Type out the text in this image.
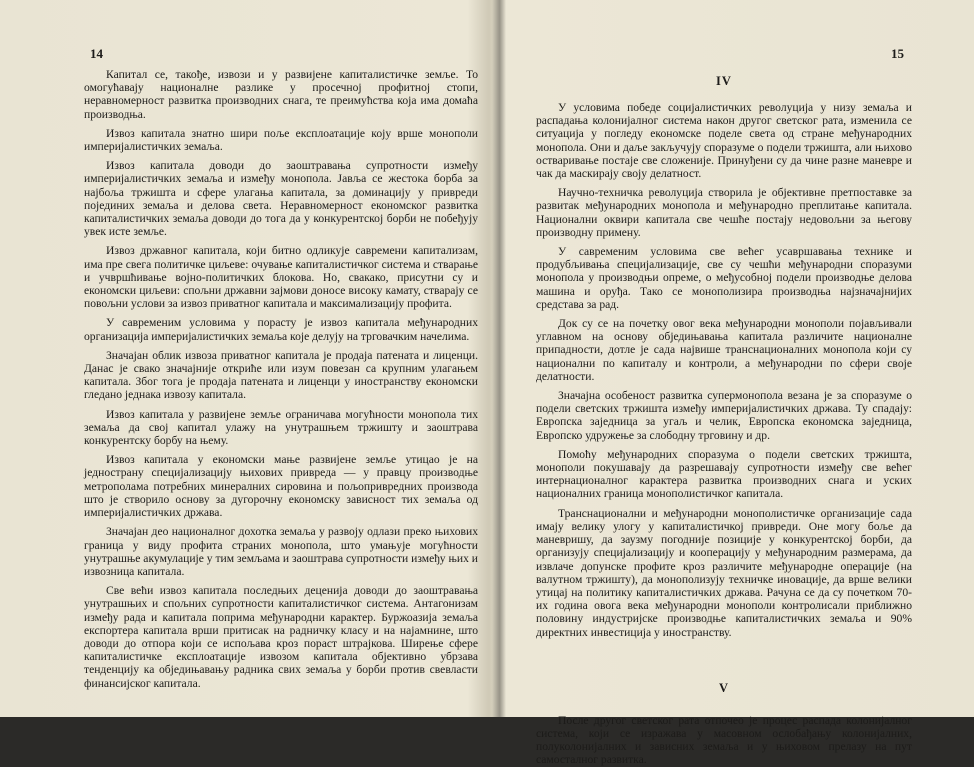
14

Капитал се, такође, извози и у развијене капиталистичке земље. То омогућавају националне разлике у просечној профитној стопи, неравномерност развитка производних снага, те преимућства која има домаћа производња.

Извоз капитала знатно шири поље експлоатације коју врше монополи империјалистичких земаља.

Извоз капитала доводи до заоштравања супротности између империјалистичких земаља и између монопола. Јавља се жестока борба за најбоља тржишта и сфере улагања капитала, за доминацију у привреди појединих земаља и делова света. Неравномерност економског развитка капиталистичких земаља доводи до тога да у конкурентској борби не побеђују увек исте земље.

Извоз државног капитала, који битно одликује савремени капитализам, има пре свега политичке циљеве: очување капиталистичког система и стварање и учвршћивање војно-политичких блокова. Но, свакако, присутни су и економски циљеви: спољни државни зајмови доносе високу камату, стварају се повољни услови за извоз приватног капитала и максимализацију профита.

У савременим условима у порасту је извоз капитала међународних организација империјалистичких земаља које делују на трговачким начелима.

Значајан облик извоза приватног капитала је продаја патената и лиценци. Данас је свако значајније откриће или изум повезан са крупним улагањем капитала. Због тога је продаја патената и лиценци у иностранству економски гледано једнака извозу капитала.

Извоз капитала у развијене земље ограничава могућности монопола тих земаља да свој капитал улажу на унутрашњем тржишту и заоштрава конкурентску борбу на њему.

Извоз капитала у економски мање развијене земље утицао је на једнострану специјализацију њихових привреда — у правцу производње метрополама потребних минералних сировина и пољопривредних производа што је створило основу за дугорочну економску зависност тих земаља од империјалистичких држава.

Значајан део националног дохотка земаља у развоју одлази преко њихових граница у виду профита страних монопола, што умањује могућности унутрашње акумулације у тим земљама и заоштрава супротности између њих и извозница капитала.

Све већи извоз капитала последњих деценија доводи до заоштравања унутрашњих и спољних супротности капиталистичког система. Антагонизам између рада и капитала поприма међународни карактер. Буржоазија земаља експортера капитала врши притисак на радничку класу и на најамнине, што доводи до отпора који се испољава кроз пораст штрајкова. Ширење сфере капиталистичке експлоатације извозом капитала објективно убрзава тенденцију ка обједињавању радника свих земаља у борби против свевласти финансијског капитала.

15
IV

У условима победе социјалистичких револуција у низу земаља и распадања колонијалног система након другог светског рата, изменила се ситуација у погледу економске поделе света од стране међународних монопола. Они и даље закључују споразуме о подели тржишта, али њихово остваривање постаје све сложеније. Принуђени су да чине разне маневре и чак да маскирају своју делатност.

Научно-техничка револуција створила је објективне претпоставке за развитак међународних монопола и међународно преплитање капитала. Национални оквири капитала све чешће постају недовољни за његову производну примену.

У савременим условима све већег усавршавања технике и продубљивања специјализације, све су чешћи међународни споразуми монопола у производњи опреме, о међусобној подели производње делова машина и оруђа. Тако се монополизира производња најзначајнијих средстава за рад.

Док су се на почетку овог века међународни монополи појављивали углавном на основу обједињавања капитала различите националне припадности, дотле је сада највише транснационалних монопола који су национални по капиталу и контроли, а међународни по сфери своје делатности.

Значајна особеност развитка супермонопола везана је за споразуме о подели светских тржишта између империјалистичких држава. Ту спадају: Европска заједница за угаљ и челик, Европска економска заједница, Европско удружење за слободну трговину и др.

Помоћу међународних споразума о подели светских тржишта, монополи покушавају да разрешавају супротности између све већег интернационалног карактера развитка производних снага и уских националних граница монополистичког капитала.

Транснационални и међународни монополистичке организације сада имају велику улогу у капиталистичкој привреди. Оне могу боље да маневришу, да заузму погодније позиције у конкурентској борби, да организују специјализацију и кооперацију у међународним размерама, да извлаче допунске профите кроз различите међународне операције (на валутном тржишту), да монополизују техничке иновације, да врше велики утицај на политику капиталистичких држава. Рачуна се да су почетком 70-их година овога века међународни монополи контролисали приближно половину индустријске производње капиталистичких земаља и 90% директних инвестиција у иностранству.

V

После другог светског рата отпочео је процес распада колонијалног система, који се изражава у масовном ослобађању колонијалних, полуколонијалних и зависних земаља и у њиховом прелазу на пут самосталног развитка.
